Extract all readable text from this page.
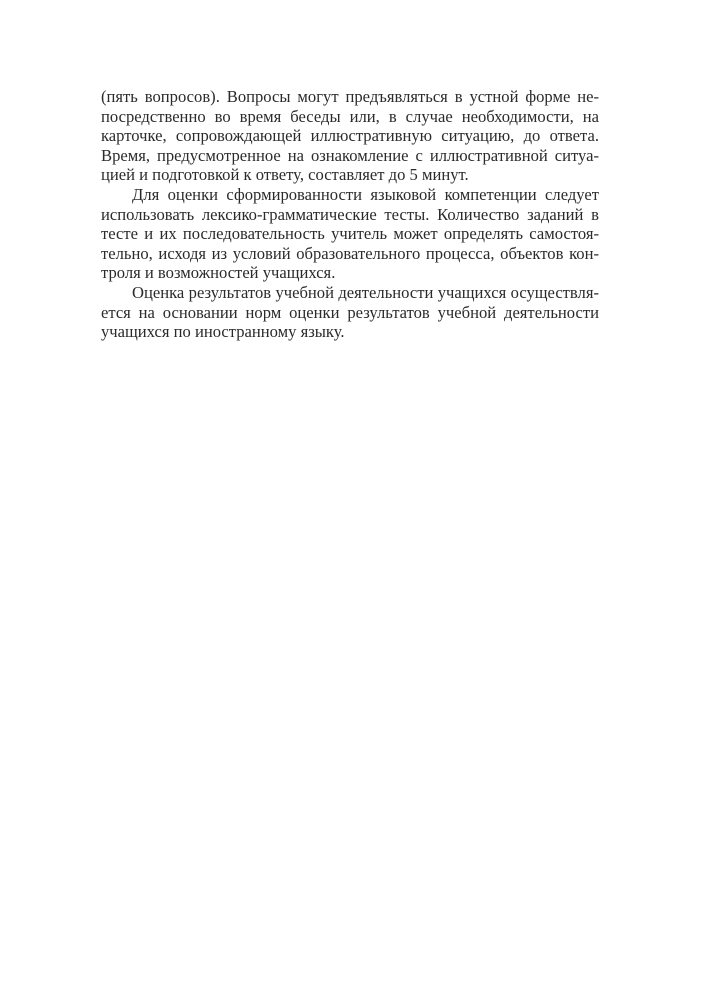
(пять вопросов). Вопросы могут предъявляться в устной форме не-
посредственно во время беседы или, в случае необходимости, на
карточке, сопровождающей иллюстративную ситуацию, до ответа.
Время, предусмотренное на ознакомление с иллюстративной ситуа-
цией и подготовкой к ответу, составляет до 5 минут.

Для оценки сформированности языковой компетенции следует
использовать лексико-грамматические тесты. Количество заданий в
тесте и их последовательность учитель может определять самостоя-
тельно, исходя из условий образовательного процесса, объектов кон-
троля и возможностей учащихся.

Оценка результатов учебной деятельности учащихся осуществля-
ется на основании норм оценки результатов учебной деятельности
учащихся по иностранному языку.
